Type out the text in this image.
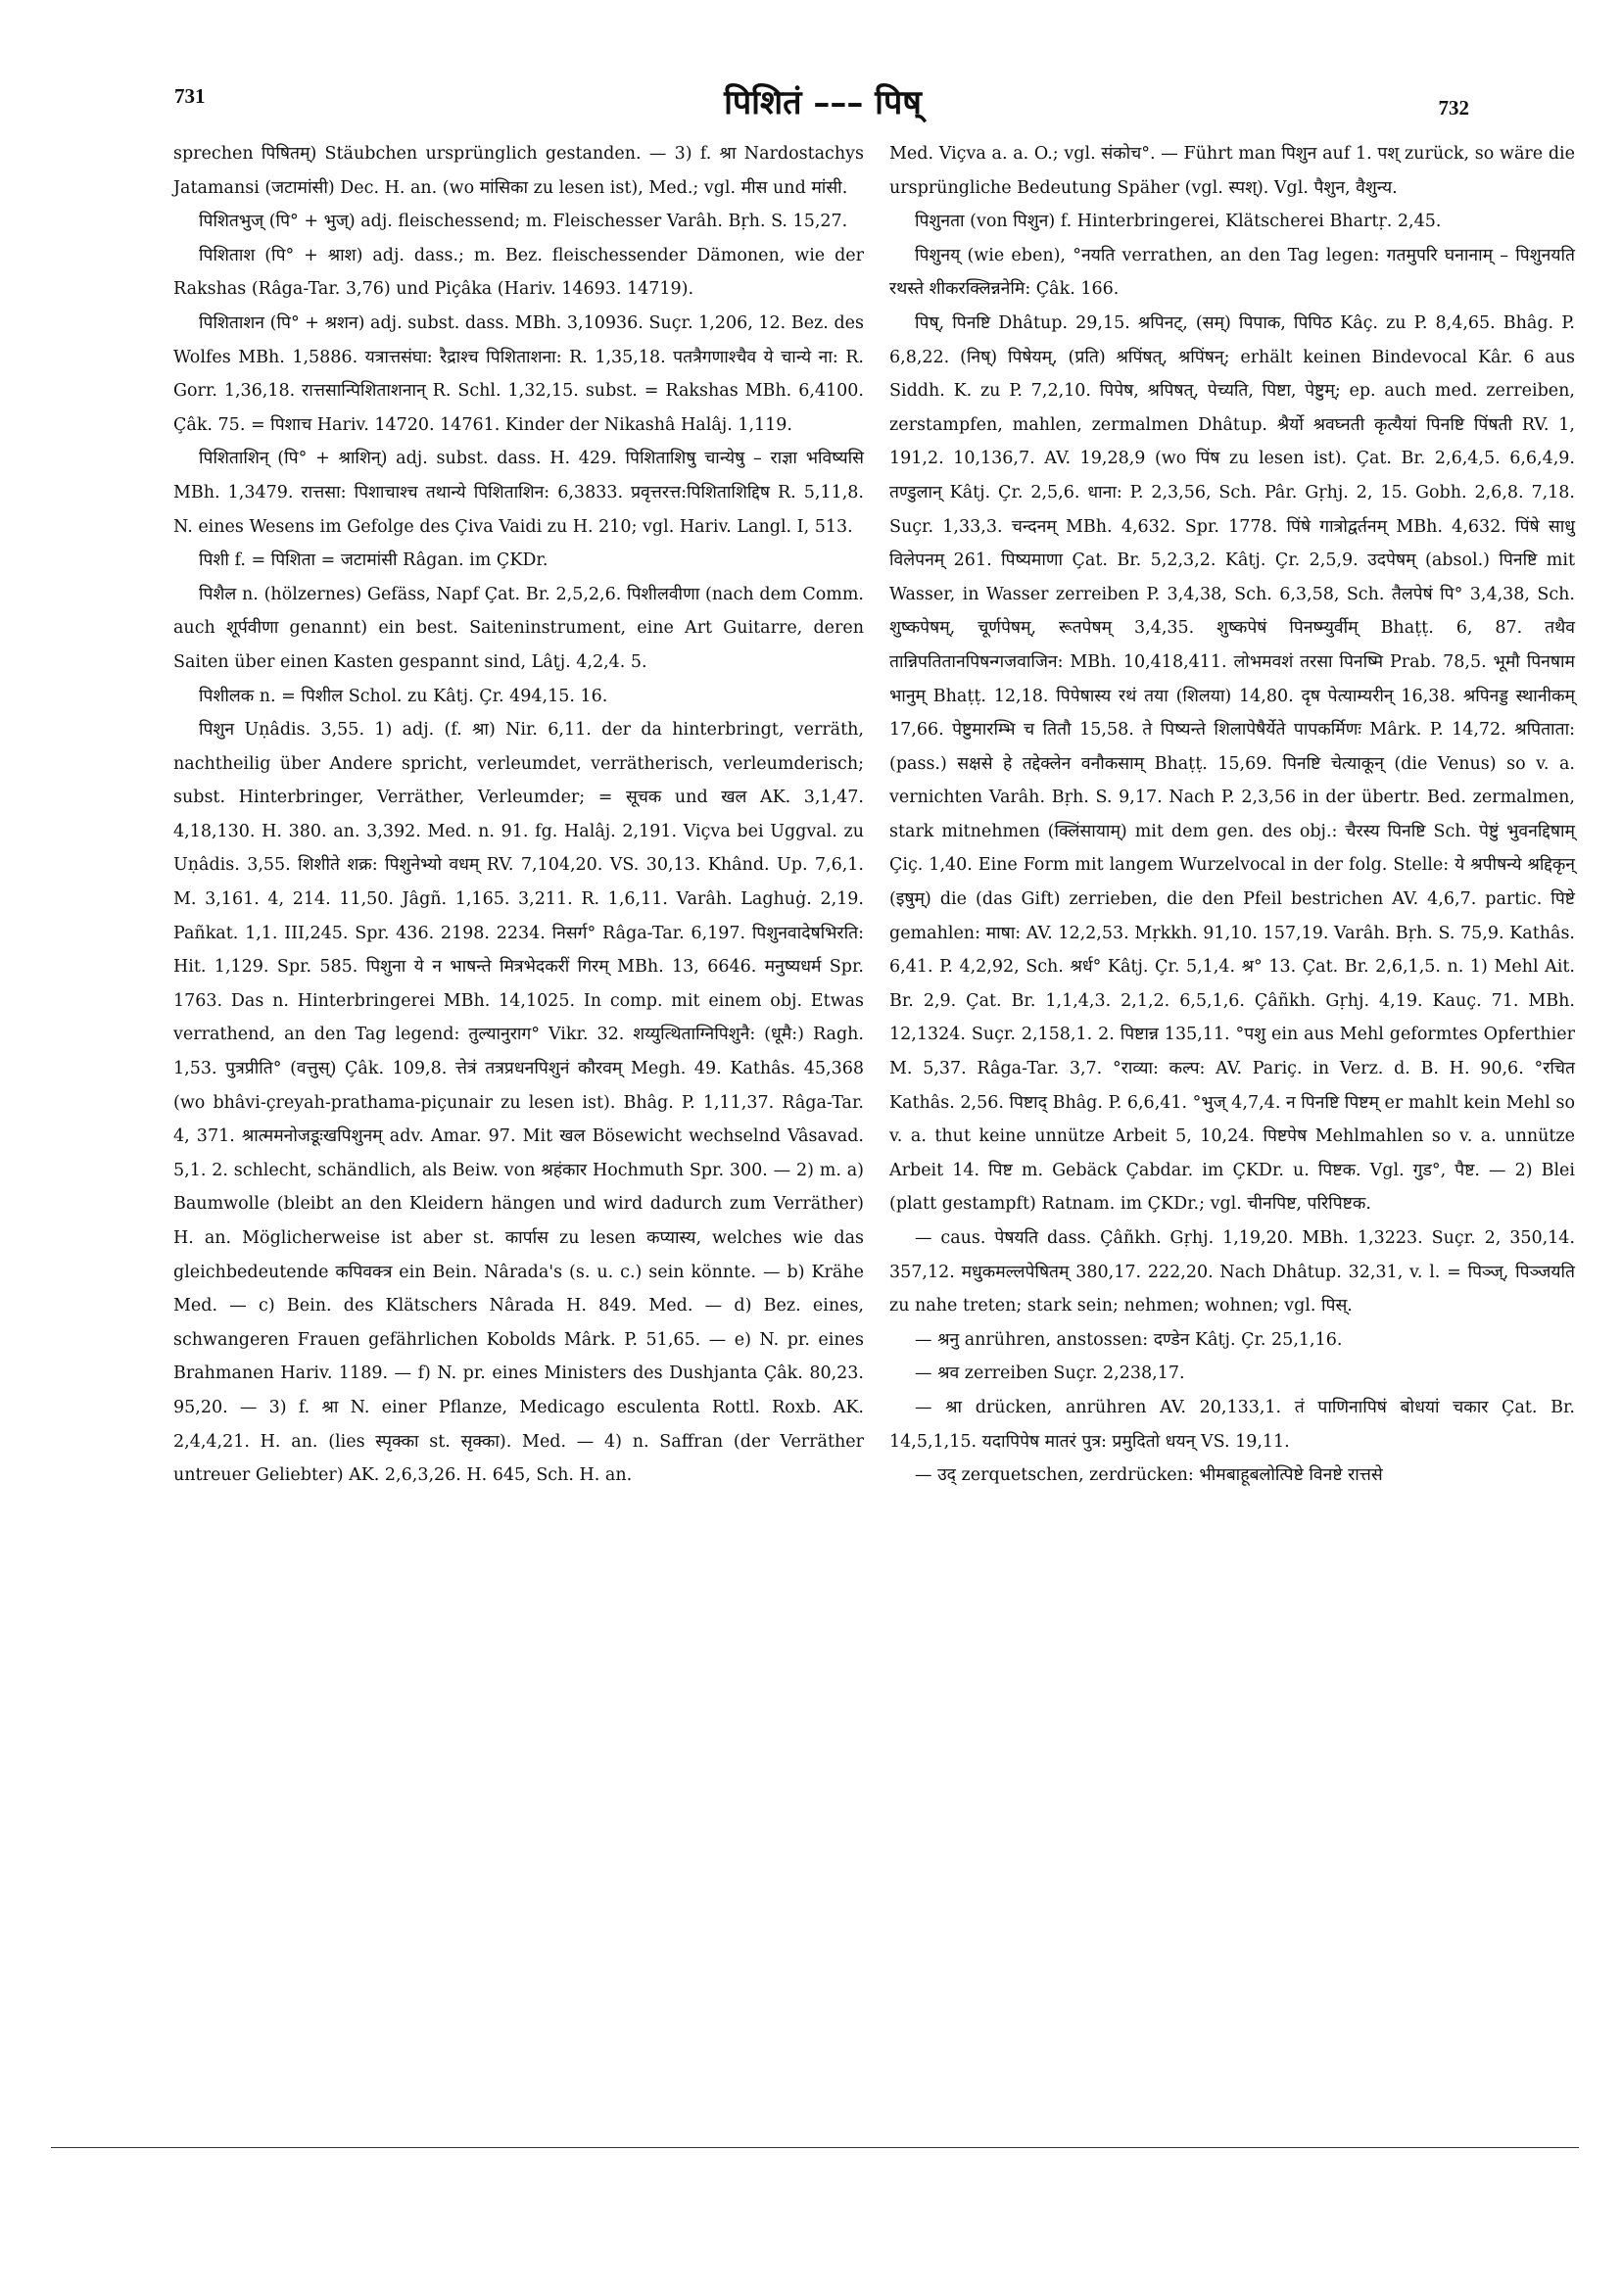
731	पिशितं ––– पिष्	732

sprechen पिषितम्) Stäubchen ursprünglich gestanden. — 3) f. श्रा Nardostachys Jatamansi (जटामांसी) Dec. H. an. (wo मांसिका zu lesen ist), Med.; vgl. मीस und मांसी.

पिशितभुज् (पि° + भुज्) adj. fleischessend; m. Fleischesser Varâh. Bṛh. S. 15,27.

पिशिताश (पि° + श्राश) adj. dass.; m. Bez. fleischessender Dämonen, wie der Rakshas (Râga-Tar. 3,76) und Piçâka (Hariv. 14693. 14719).

पिशिताशन (पि° + श्रशन) adj. subst. dass. MBh. 3,10936. Suçr. 1,206, 12. Bez. des Wolfes MBh. 1,5886. यत्रात्तसंघा: रैद्राश्च पिशिताशना: R. 1,35,18. पतत्रैगणाश्चैव ये चान्ये ना: R. Gorr. 1,36,18. रात्तसान्पिशिताशनान् R. Schl. 1,32,15. subst. = Rakshas MBh. 6,4100. Çâk. 75. = पिशाच Hariv. 14720. 14761. Kinder der Nikashâ Halâj. 1,119.

पिशिताशिन् (पि° + श्राशिन्) adj. subst. dass. H. 429. पिशिताशिषु चान्येषु – राज्ञा भविष्यसि MBh. 1,3479. रात्तसा: पिशाचाश्च तथान्ये पिशिताशिन: 6,3833. प्रवृत्तरत्त:पिशिताशिद्दिष R. 5,11,8. N. eines Wesens im Gefolge des Çiva Vaidi zu H. 210; vgl. Hariv. Langl. I, 513.

पिशी f. = पिशिता = जटामांसी Râgan. im ÇKDr.

पिशैल n. (hölzernes) Gefäss, Napf Çat. Br. 2,5,2,6. पिशीलवीणा (nach dem Comm. auch शूर्पवीणा genannt) ein best. Saiteninstrument, eine Art Guitarre, deren Saiten über einen Kasten gespannt sind, Lâṭj. 4,2,4. 5.

पिशीलक n. = पिशील Schol. zu Kâtj. Çr. 494,15. 16.

पिशुन Uṇâdis. 3,55. 1) adj. (f. श्रा) Nir. 6,11. der da hinterbringt, verräth, nachtheilig über Andere spricht, verleumdet, verrätherisch, verleumderisch; subst. Hinterbringer, Verräther, Verleumder; = सूचक und खल AK. 3,1,47. 4,18,130. H. 380. an. 3,392. Med. n. 91. fg. Halâj. 2,191. Viçva bei Uggval. zu Uṇâdis. 3,55. शिशीते शक्र: पिशुनेभ्यो वधम् RV. 7,104,20. VS. 30,13. Khând. Up. 7,6,1. M. 3,161. 4, 214. 11,50. Jâgñ. 1,165. 3,211. R. 1,6,11. Varâh. Laghuġ. 2,19. Pañkat. 1,1. III,245. Spr. 436. 2198. 2234. निसर्ग° Râga-Tar. 6,197. पिशुनवादेषभिरति: Hit. 1,129. Spr. 585. पिशुना ये न भाषन्ते मित्रभेदकरीं गिरम् MBh. 13, 6646. मनुष्यधर्म Spr. 1763. Das n. Hinterbringerei MBh. 14,1025. In comp. mit einem obj. Etwas verrathend, an den Tag legend: तुल्यानुराग° Vikr. 32. शय्युत्थिताग्निपिशुनै: (धूमै:) Ragh. 1,53. पुत्रप्रीति° (वत्तुस्) Çâk. 109,8. त्तेत्रं तत्रप्रधनपिशुनं कौरवम् Megh. 49. Kathâs. 45,368 (wo bhâvi-çreyah-prathama-piçunair zu lesen ist). Bhâg. P. 1,11,37. Râga-Tar. 4, 371. श्रात्ममनोजडूःखपिशुनम् adv. Amar. 97. Mit खल Bösewicht wechselnd Vâsavad. 5,1. 2. schlecht, schändlich, als Beiw. von श्रहंकार Hochmuth Spr. 300. — 2) m. a) Baumwolle (bleibt an den Kleidern hängen und wird dadurch zum Verräther) H. an. Möglicherweise ist aber st. कार्पास zu lesen कप्यास्य, welches wie das gleichbedeutende कपिवक्त्र ein Bein. Nârada's (s. u. c.) sein könnte. — b) Krähe Med. — c) Bein. des Klätschers Nârada H. 849. Med. — d) Bez. eines, schwangeren Frauen gefährlichen Kobolds Mârk. P. 51,65. — e) N. pr. eines Brahmanen Hariv. 1189. — f) N. pr. eines Ministers des Dushjanta Çâk. 80,23. 95,20. — 3) f. श्रा N. einer Pflanze, Medicago esculenta Rottl. Roxb. AK. 2,4,4,21. H. an. (lies स्पृक्का st. सृक्का). Med. — 4) n. Saffran (der Verräther untreuer Geliebter) AK. 2,6,3,26. H. 645, Sch. H. an.

Med. Viçva a. a. O.; vgl. संकोच°. — Führt man पिशुन auf 1. पश् zurück, so wäre die ursprüngliche Bedeutung Späher (vgl. स्पश्). Vgl. पैशुन, वैशुन्य.

पिशुनता (von पिशुन) f. Hinterbringerei, Klätscherei Bhartṛ. 2,45.

पिशुनय् (wie eben), °नयति verrathen, an den Tag legen: गतमुपरि घनानाम् – पिशुनयति रथस्ते शीकरक्लिन्ननेमि: Çâk. 166.

पिष्, पिनष्टि Dhâtup. 29,15. श्रपिनट्, (सम्) पिपाक, पिपिठ Kâç. zu P. 8,4,65. Bhâg. P. 6,8,22. (निष्) पिषेयम्, (प्रति) श्रपिंषत्, श्रपिंषन्; erhält keinen Bindevocal Kâr. 6 aus Siddh. K. zu P. 7,2,10. पिपेष, श्रपिषत्, पेच्यति, पिष्टा, पेष्टुम्; ep. auch med. zerreiben, zerstampfen, mahlen, zermalmen Dhâtup. श्रैर्यो श्रवघ्नती कृत्यैयां पिनष्टि पिंषती RV. 1, 191,2. 10,136,7. AV. 19,28,9 (wo पिंष zu lesen ist). Çat. Br. 2,6,4,5. 6,6,4,9. तण्डुलान् Kâtj. Çr. 2,5,6. धाना: P. 2,3,56, Sch. Pâr. Gṛhj. 2, 15. Gobh. 2,6,8. 7,18. Suçr. 1,33,3. चन्दनम् MBh. 4,632. Spr. 1778. पिंषे गात्रोद्वर्तनम् MBh. 4,632. पिंषे साधु विलेपनम् 261. पिष्यमाणा Çat. Br. 5,2,3,2. Kâtj. Çr. 2,5,9. उदपेषम् (absol.) पिनष्टि mit Wasser, in Wasser zerreiben P. 3,4,38, Sch. 6,3,58, Sch. तैलपेषं पि° 3,4,38, Sch. शुष्कपेषम्, चूर्णपेषम्, रूतपेषम् 3,4,35. शुष्कपेषं पिनष्म्युर्वीम् Bhaṭṭ. 6, 87. तथैव तान्निपतितानपिषन्गजवाजिन: MBh. 10,418,411. लोभमवशं तरसा पिनष्मि Prab. 78,5. भूमौ पिनषाम भानुम् Bhaṭṭ. 12,18. पिपेषास्य रथं तया (शिलया) 14,80. दृष पेत्याम्यरीन् 16,38. श्रपिनड्ड स्थानीकम् 17,66. पेष्टुमारम्भि च तितौ 15,58. ते पिष्यन्ते शिलापेषैर्येते पापकर्मिणः Mârk. P. 14,72. श्रपिताता: (pass.) सक्षसे हे तद्देक्लेन वनौकसाम् Bhaṭṭ. 15,69. पिनष्टि चेत्याकून् (die Venus) so v. a. vernichten Varâh. Bṛh. S. 9,17. Nach P. 2,3,56 in der übertr. Bed. zermalmen, stark mitnehmen (क्लिंसायाम्) mit dem gen. des obj.: चैरस्य पिनष्टि Sch. पेष्टुं भुवनद्दिषाम् Çiç. 1,40. Eine Form mit langem Wurzelvocal in der folg. Stelle: ये श्रपीषन्ये श्रद्दिकृन् (इषुम्) die (das Gift) zerrieben, die den Pfeil bestrichen AV. 4,6,7. partic. पिष्टे gemahlen: माषा: AV. 12,2,53. Mṛkkh. 91,10. 157,19. Varâh. Bṛh. S. 75,9. Kathâs. 6,41. P. 4,2,92, Sch. श्रर्ध° Kâtj. Çr. 5,1,4. श्र° 13. Çat. Br. 2,6,1,5. n. 1) Mehl Ait. Br. 2,9. Çat. Br. 1,1,4,3. 2,1,2. 6,5,1,6. Çâñkh. Gṛhj. 4,19. Kauç. 71. MBh. 12,1324. Suçr. 2,158,1. 2. पिष्टान्न 135,11. °पशु ein aus Mehl geformtes Opferthier M. 5,37. Râga-Tar. 3,7. °राव्या: कल्प: AV. Pariç. in Verz. d. B. H. 90,6. °रचित Kathâs. 2,56. पिष्टाद् Bhâg. P. 6,6,41. °भुज् 4,7,4. न पिनष्टि पिष्टम् er mahlt kein Mehl so v. a. thut keine unnütze Arbeit 5, 10,24. पिष्टपेष Mehlmahlen so v. a. unnütze Arbeit 14. पिष्ट m. Gebäck Çabdar. im ÇKDr. u. पिष्टक. Vgl. गुड°, पैष्ट. — 2) Blei (platt gestampft) Ratnam. im ÇKDr.; vgl. चीनपिष्ट, परिपिष्टक.

— caus. पेषयति dass. Çâñkh. Gṛhj. 1,19,20. MBh. 1,3223. Suçr. 2, 350,14. 357,12. मधुकमल्लपेषितम् 380,17. 222,20. Nach Dhâtup. 32,31, v. l. = पिञ्ज्, पिञ्जयति zu nahe treten; stark sein; nehmen; wohnen; vgl. पिस्.

— श्रनु anrühren, anstossen: दण्डेन Kâtj. Çr. 25,1,16.

— श्रव zerreiben Suçr. 2,238,17.

— श्रा drücken, anrühren AV. 20,133,1. तं पाणिनापिषं बोधयां चकार Çat. Br. 14,5,1,15. यदापिपेष मातरं पुत्र: प्रमुदितो धयन् VS. 19,11.

— उद् zerquetschen, zerdrücken: भीमबाहूबलोत्पिष्टे विनष्टे रात्तसे
